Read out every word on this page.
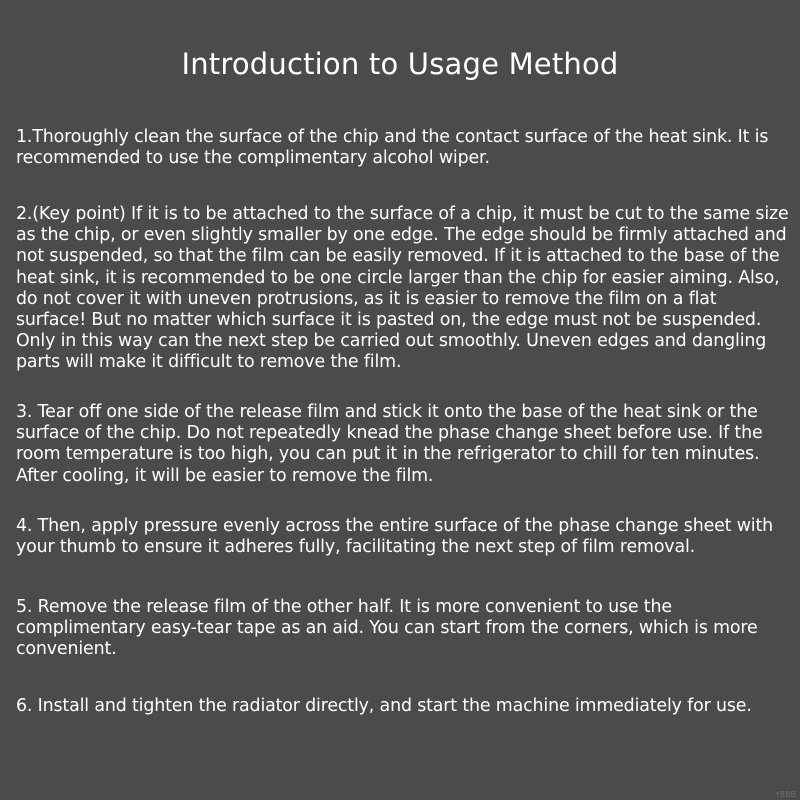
Introduction to Usage Method

1.Thoroughly clean the surface of the chip and the contact surface of the heat sink. It is recommended to use the complimentary alcohol wiper.

2.(Key point) If it is to be attached to the surface of a chip, it must be cut to the same size as the chip, or even slightly smaller by one edge. The edge should be firmly attached and not suspended, so that the film can be easily removed. If it is attached to the base of the heat sink, it is recommended to be one circle larger than the chip for easier aiming. Also, do not cover it with uneven protrusions, as it is easier to remove the film on a flat surface! But no matter which surface it is pasted on, the edge must not be suspended. Only in this way can the next step be carried out smoothly. Uneven edges and dangling parts will make it difficult to remove the film.

3. Tear off one side of the release film and stick it onto the base of the heat sink or the surface of the chip. Do not repeatedly knead the phase change sheet before use. If the room temperature is too high, you can put it in the refrigerator to chill for ten minutes. After cooling, it will be easier to remove the film.

4. Then, apply pressure evenly across the entire surface of the phase change sheet with your thumb to ensure it adheres fully, facilitating the next step of film removal.

5. Remove the release film of the other half. It is more convenient to use the complimentary easy-tear tape as an aid. You can start from the corners, which is more convenient.

6. Install and tighten the radiator directly, and start the machine immediately for use.

Y8BB
